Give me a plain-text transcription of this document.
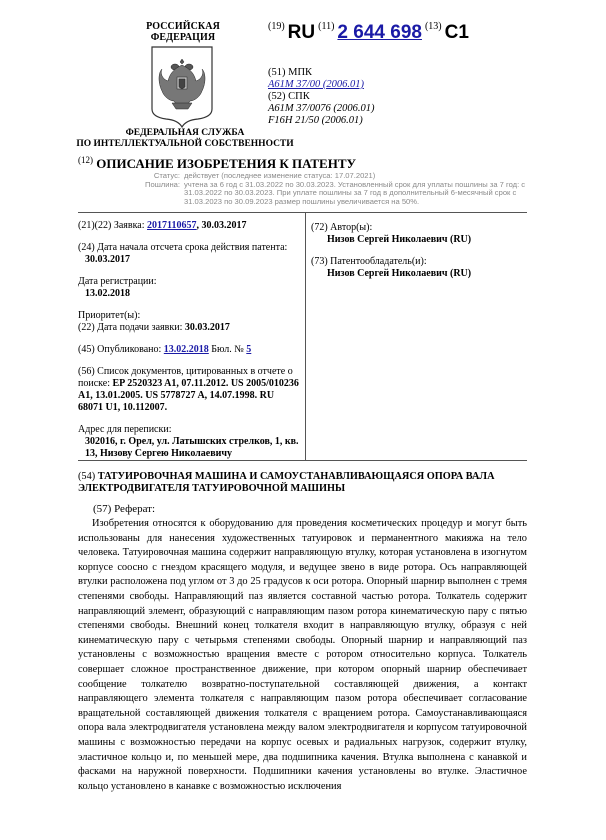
РОССИЙСКАЯ ФЕДЕРАЦИЯ
ФЕДЕРАЛЬНАЯ СЛУЖБА
ПО ИНТЕЛЛЕКТУАЛЬНОЙ СОБСТВЕННОСТИ
$^{(19)}$ RU $^{(11)}$ 2 644 698 $^{(13)}$ C1
(51) МПК
A61M 37/00 (2006.01)
(52) СПК
A61M 37/0076 (2006.01)
F16H 21/50 (2006.01)
$^{(12)}$ ОПИСАНИЕ ИЗОБРЕТЕНИЯ К ПАТЕНТУ
Статус: действует (последнее изменение статуса: 17.07.2021)
Пошлина: учтена за 6 год с 31.03.2022 по 30.03.2023. Установленный срок для уплаты пошлины за 7 год: с 31.03.2022 по 30.03.2023. При уплате пошлины за 7 год в дополнительный 6-месячный срок с 31.03.2023 по 30.09.2023 размер пошлины увеличивается на 50%.

(21)(22) Заявка: 2017110657, 30.03.2017

(24) Дата начала отсчета срока действия патента:

30.03.2017

Дата регистрации:

13.02.2018

Приоритет(ы):

(22) Дата подачи заявки: 30.03.2017

(45) Опубликовано: 13.02.2018 Бюл. № 5

(56) Список документов, цитированных в отчете о поиске: EP 2520323 A1, 07.11.2012. US 2005/010236 A1, 13.01.2005. US 5778727 A, 14.07.1998. RU 68071 U1, 10.112007.

Адрес для переписки:

302016, г. Орел, ул. Латышских стрелков, 1, кв. 13, Низову Сергею Николаевичу

(72) Автор(ы):

Низов Сергей Николаевич (RU)

(73) Патентообладатель(и):

Низов Сергей Николаевич (RU)

(54) ТАТУИРОВОЧНАЯ МАШИНА И САМОУСТАНАВЛИВАЮЩАЯСЯ ОПОРА ВАЛА ЭЛЕКТРОДВИГАТЕЛЯ ТАТУИРОВОЧНОЙ МАШИНЫ
(57) Реферат:

Изобретения относятся к оборудованию для проведения косметических процедур и могут быть использованы для нанесения художественных татуировок и перманентного макияжа на тело человека. Татуировочная машина содержит направляющую втулку, которая установлена в изогнутом корпусе соосно с гнездом красящего модуля, и ведущее звено в виде ротора. Ось направляющей втулки расположена под углом от 3 до 25 градусов к оси ротора. Опорный шарнир выполнен с тремя степенями свободы. Направляющий паз является составной частью ротора. Толкатель содержит направляющий элемент, образующий с направляющим пазом ротора кинематическую пару с пятью степенями свободы. Внешний конец толкателя входит в направляющую втулку, образуя с ней кинематическую пару с четырьмя степенями свободы. Опорный шарнир и направляющий паз установлены с возможностью вращения вместе с ротором относительно корпуса. Толкатель совершает сложное пространственное движение, при котором опорный шарнир обеспечивает сообщение толкателю возвратно-поступательной составляющей движения, а контакт направляющего элемента толкателя с направляющим пазом ротора обеспечивает согласование вращательной составляющей движения толкателя с вращением ротора. Самоустанавливающаяся опора вала электродвигателя установлена между валом электродвигателя и корпусом татуировочной машины с возможностью передачи на корпус осевых и радиальных нагрузок, содержит втулку, эластичное кольцо и, по меньшей мере, два подшипника качения. Втулка выполнена с канавкой и фасками на наружной поверхности. Подшипники качения установлены во втулке. Эластичное кольцо установлено в канавке с возможностью исключения
